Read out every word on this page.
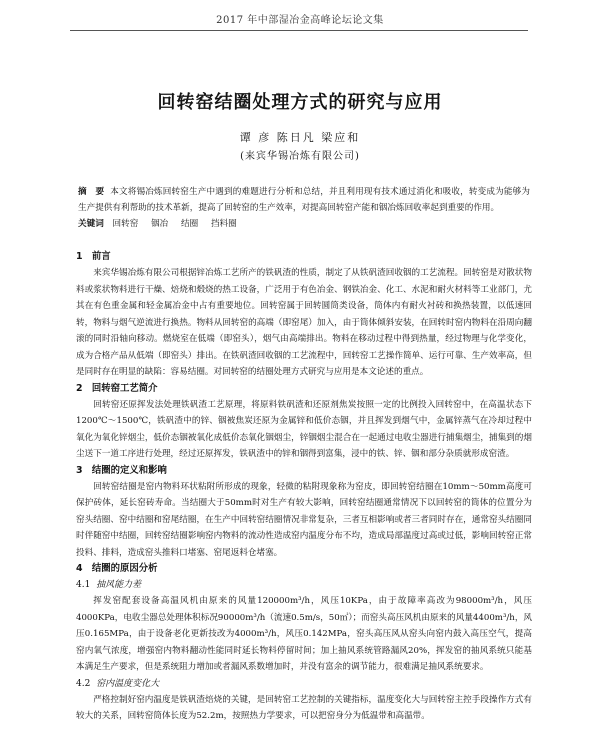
2017 年中部湿冶金高峰论坛论文集
回转窑结圈处理方式的研究与应用
谭 彦 陈日凡 梁应和
(来宾华锡冶炼有限公司)
摘　要 本文将锡冶炼回转窑生产中遇到的难题进行分析和总结，并且利用现有技术通过消化和吸收，转变成为能够为生产提供有利帮助的技术革新，提高了回转窑的生产效率，对提高回转窑产能和铟冶炼回收率起到重要的作用。
关键词 回转窑 铟冶 结圈 挡料圈
1　前言

来宾华锡冶炼有限公司根据锌冶炼工艺所产的铁矾渣的性质，制定了从铁矾渣回收铟的工艺流程。回转窑是对散状物料或浆状物料进行干燥、焙烧和煅烧的热工设备，广泛用于有色冶金、钢铁冶金、化工、水泥和耐火材料等工业部门，尤其在有色重金属和轻金属冶金中占有重要地位。回转窑属于回转圆筒类设备，筒体内有耐火衬砖和换热装置，以低速回转，物料与烟气逆流进行换热。物料从回转窑的高端（即窑尾）加入，由于筒体倾斜安装，在回转时窑内物料在沿周向翻滚的同时沿轴向移动。燃烧室在低端（即窑头），烟气由高端排出。物料在移动过程中得到热量，经过物理与化学变化，成为合格产品从低端（即窑头）排出。在铁矾渣回收铟的工艺流程中，回转窑工艺操作简单、运行可靠、生产效率高，但是同时存在明显的缺陷：容易结圈。对回转窑的结圈处理方式研究与应用是本文论述的重点。

2　回转窑工艺简介

回转窑还原挥发法处理铁矾渣工艺原理，将原料铁矾渣和还原剂焦炭按照一定的比例投入回转窑中，在高温状态下1200℃～1500℃，铁矾渣中的锌、铟被焦炭还原为金属锌和低价态铟，并且挥发到烟气中，金属锌蒸气在冷却过程中氧化为氧化锌烟尘，低价态铟被氧化成低价态氧化铟烟尘，锌铟烟尘混合在一起通过电收尘器进行捕集烟尘，捕集到的烟尘送下一道工序进行处理，经过还原挥发，铁矾渣中的锌和铟得到富集，浸中的铁、锌、铟和部分杂质就形成窑渣。

3　结圈的定义和影响

回转窑结圈是窑内物料环状粘附所形成的现象，轻微的粘附现象称为窑皮，即回转窑结圈在10mm～50mm高度可保护砖体，延长窑砖寿命。当结圈大于50mm时对生产有较大影响，回转窑结圈通常情况下以回转窑的筒体的位置分为窑头结圈、窑中结圈和窑尾结圈，在生产中回转窑结圈情况非常复杂，三者互相影响或者三者同时存在，通常窑头结圈同时伴随窑中结圈，回转窑结圈影响窑内物料的流动性造成窑内温度分布不均，造成局部温度过高或过低，影响回转窑正常投料、排料，造成窑头推料口堵塞、窑尾返料仓堵塞。

4　结圈的原因分析
4.1 抽风能力差

挥发窑配套设备高温风机由原来的风量120000m³/h，风压10KPa，由于故障率高改为98000m³/h，风压4000KPa，电收尘器总处理体积标况90000m³/h（流速0.5m/s，50㎡）；而窑头高压风机由原来的风量4400m³/h，风压0.165MPa，由于设备老化更新技改为4000m³/h，风压0.142MPa，窑头高压风从窑头向窑内鼓入高压空气，提高窑内氧气浓度，增强窑内物料翻动性能同时延长物料停留时间；加上抽风系统管路漏风20%，挥发窑的抽风系统只能基本满足生产要求，但是系统阻力增加或者漏风系数增加时，并没有富余的调节能力，很难满足抽风系统要求。

4.2 窑内温度变化大

严格控制好窑内温度是铁矾渣焙烧的关键，是回转窑工艺控制的关键指标，温度变化大与回转窑主控手段操作方式有较大的关系，回转窑筒体长度为52.2m，按照热力学要求，可以把窑身分为低温带和高温带。
